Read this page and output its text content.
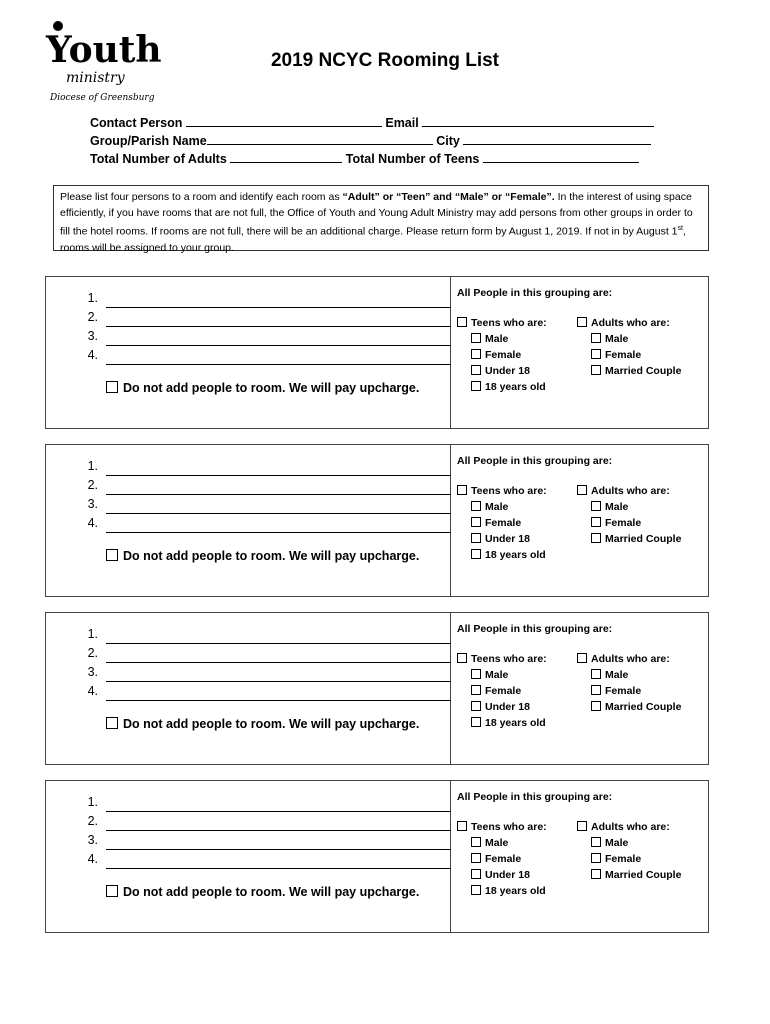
Youth
ministry
Diocese of Greensburg
2019 NCYC Rooming List
Contact Person	Email
Group/Parish Name	City
Total Number of Adults	Total Number of Teens
Please list four persons to a room and identify each room as “Adult” or “Teen” and “Male” or “Female”. In the interest of using space efficiently, if you have rooms that are not full, the Office of Youth and Young Adult Ministry may add persons from other groups in order to fill the hotel rooms. If rooms are not full, there will be an additional charge. Please return form by August 1, 2019. If not in by August 1st, rooms will be assigned to your group.
1.
2.
3.
4.
Do not add people to room. We will pay upcharge.
All People in this grouping are:
Teens who are:
Male
Female
Under 18
18 years old
Adults who are:
Male
Female
Married Couple
1.
2.
3.
4.
Do not add people to room. We will pay upcharge.
All People in this grouping are:
Teens who are:
Male
Female
Under 18
18 years old
Adults who are:
Male
Female
Married Couple
1.
2.
3.
4.
Do not add people to room. We will pay upcharge.
All People in this grouping are:
Teens who are:
Male
Female
Under 18
18 years old
Adults who are:
Male
Female
Married Couple
1.
2.
3.
4.
Do not add people to room. We will pay upcharge.
All People in this grouping are:
Teens who are:
Male
Female
Under 18
18 years old
Adults who are:
Male
Female
Married Couple
